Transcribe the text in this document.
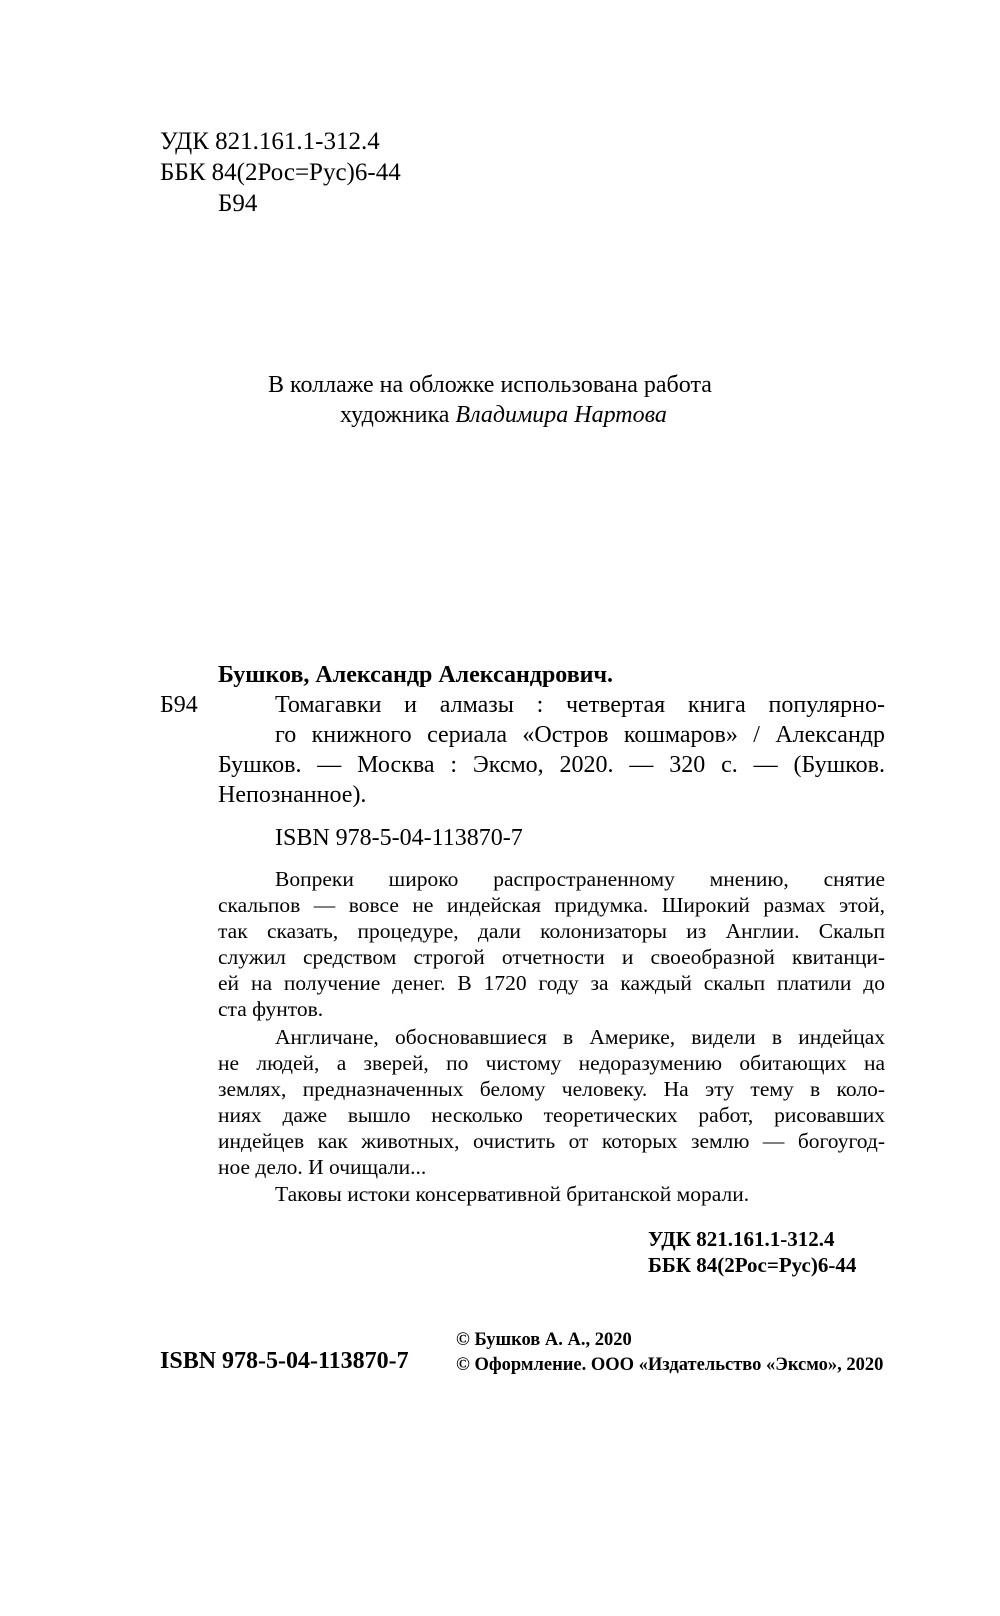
УДК 821.161.1-312.4
ББК 84(2Рос=Рус)6-44
Б94
В коллаже на обложке использована работа
художника Владимира Нартова
Бушков, Александр Александрович.
Б94	Томагавки и алмазы : четвертая книга популярно-
го книжного сериала «Остров кошмаров» / Александр
Бушков. — Москва : Эксмо, 2020. — 320 с. — (Бушков.
Непознанное).
ISBN 978-5-04-113870-7
Вопреки широко распространенному мнению, снятие
скальпов — вовсе не индейская придумка. Широкий размах этой,
так сказать, процедуре, дали колонизаторы из Англии. Скальп
служил средством строгой отчетности и своеобразной квитанци-
ей на получение денег. В 1720 году за каждый скальп платили до
ста фунтов.
Англичане, обосновавшиеся в Америке, видели в индейцах
не людей, а зверей, по чистому недоразумению обитающих на
землях, предназначенных белому человеку. На эту тему в коло-
ниях даже вышло несколько теоретических работ, рисовавших
индейцев как животных, очистить от которых землю — богоугод-
ное дело. И очищали...
Таковы истоки консервативной британской морали.
УДК 821.161.1-312.4
ББК 84(2Рос=Рус)6-44
ISBN 978-5-04-113870-7
© Бушков А. А., 2020
© Оформление. ООО «Издательство «Эксмо», 2020
